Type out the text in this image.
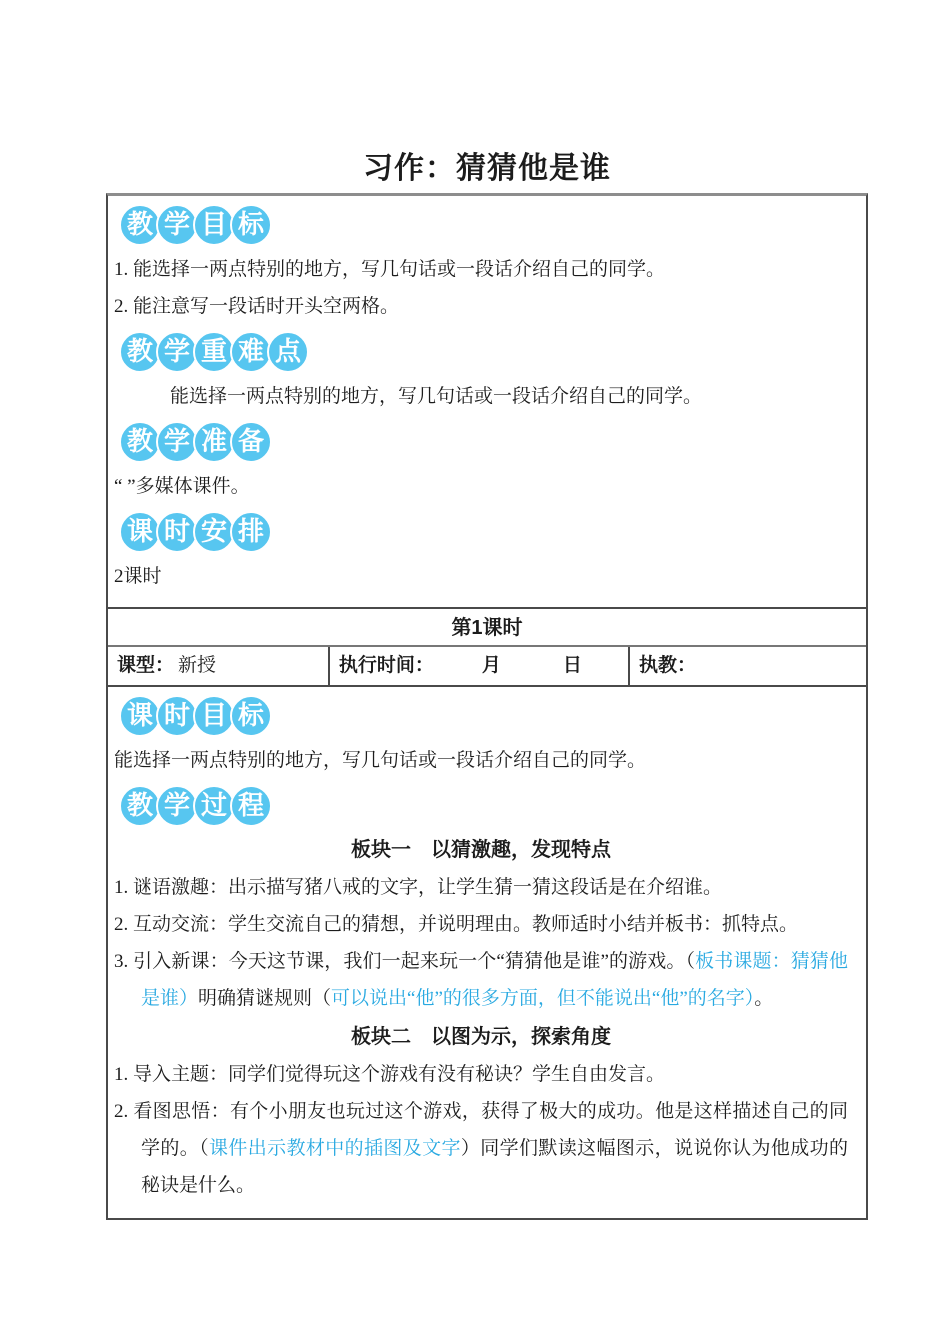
习作：猜猜他是谁
教 学 目 标

1. 能选择一两点特别的地方，写几句话或一段话介绍自己的同学。

2. 能注意写一段话时开头空两格。

教 学 重 难 点

能选择一两点特别的地方，写几句话或一段话介绍自己的同学。

教 学 准 备

“ ”多媒体课件。

课 时 安 排

2课时

第1课时
课型： 新授	执行时间：	月	日	执教：
课 时 目 标

能选择一两点特别的地方，写几句话或一段话介绍自己的同学。

教 学 过 程
板块一　以猜激趣，发现特点

1. 谜语激趣：出示描写猪八戒的文字，让学生猜一猜这段话是在介绍谁。

2. 互动交流：学生交流自己的猜想，并说明理由。教师适时小结并板书：抓特点。

3. 引入新课：今天这节课，我们一起来玩一个“猜猜他是谁”的游戏。（板书课题：猜猜他是谁）明确猜谜规则（可以说出“他”的很多方面，但不能说出“他”的名字）。

板块二　以图为示，探索角度

1. 导入主题：同学们觉得玩这个游戏有没有秘诀？学生自由发言。

2. 看图思悟：有个小朋友也玩过这个游戏，获得了极大的成功。他是这样描述自己的同学的。（课件出示教材中的插图及文字）同学们默读这幅图示，说说你认为他成功的秘诀是什么。
